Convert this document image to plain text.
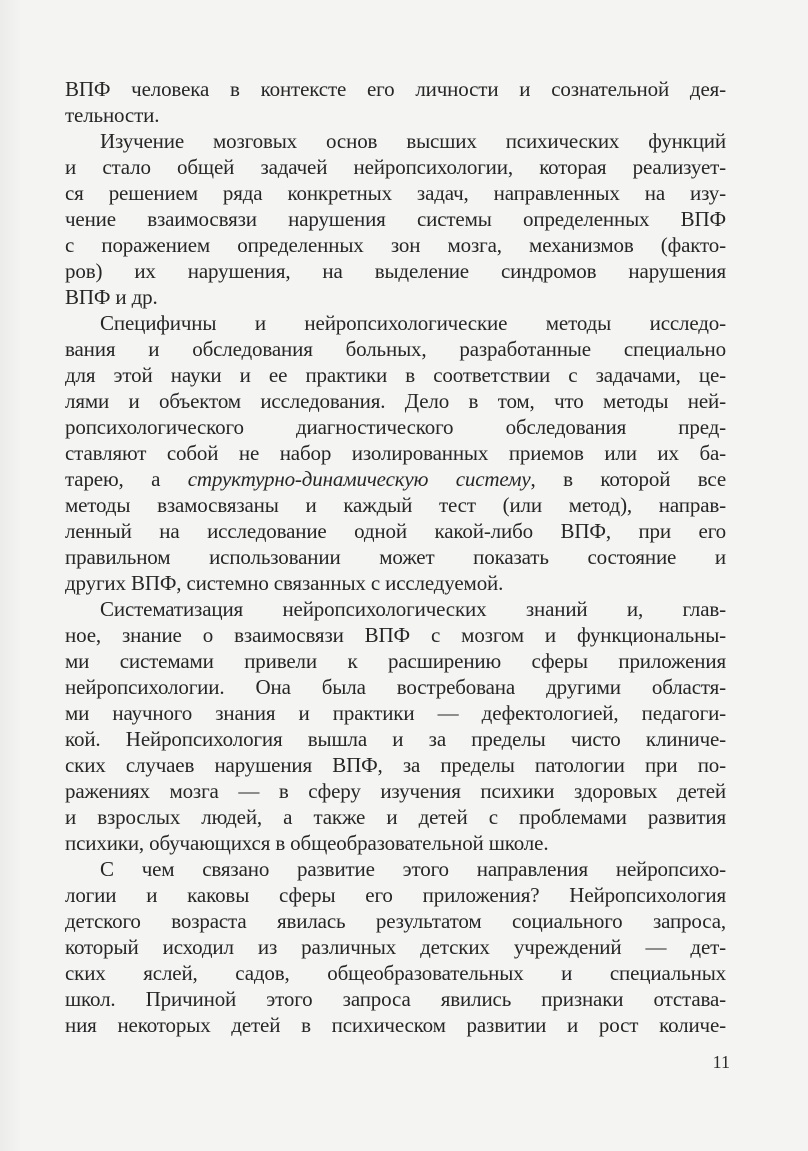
ВПФ человека в контексте его личности и сознательной дея-
тельности.
Изучение мозговых основ высших психических функций
и стало общей задачей нейропсихологии, которая реализует-
ся решением ряда конкретных задач, направленных на изу-
чение взаимосвязи нарушения системы определенных ВПФ
с поражением определенных зон мозга, механизмов (факто-
ров) их нарушения, на выделение синдромов нарушения
ВПФ и др.
Специфичны и нейропсихологические методы исследо-
вания и обследования больных, разработанные специально
для этой науки и ее практики в соответствии с задачами, це-
лями и объектом исследования. Дело в том, что методы ней-
ропсихологического диагностического обследования пред-
ставляют собой не набор изолированных приемов или их ба-
тарею, а структурно-динамическую систему, в которой все
методы взамосвязаны и каждый тест (или метод), направ-
ленный на исследование одной какой-либо ВПФ, при его
правильном использовании может показать состояние и
других ВПФ, системно связанных с исследуемой.
Систематизация нейропсихологических знаний и, глав-
ное, знание о взаимосвязи ВПФ с мозгом и функциональны-
ми системами привели к расширению сферы приложения
нейропсихологии. Она была востребована другими областя-
ми научного знания и практики — дефектологией, педагоги-
кой. Нейропсихология вышла и за пределы чисто клиниче-
ских случаев нарушения ВПФ, за пределы патологии при по-
ражениях мозга — в сферу изучения психики здоровых детей
и взрослых людей, а также и детей с проблемами развития
психики, обучающихся в общеобразовательной школе.
С чем связано развитие этого направления нейропсихо-
логии и каковы сферы его приложения? Нейропсихология
детского возраста явилась результатом социального запроса,
который исходил из различных детских учреждений — дет-
ских яслей, садов, общеобразовательных и специальных
школ. Причиной этого запроса явились признаки отстава-
ния некоторых детей в психическом развитии и рост количе-
11
